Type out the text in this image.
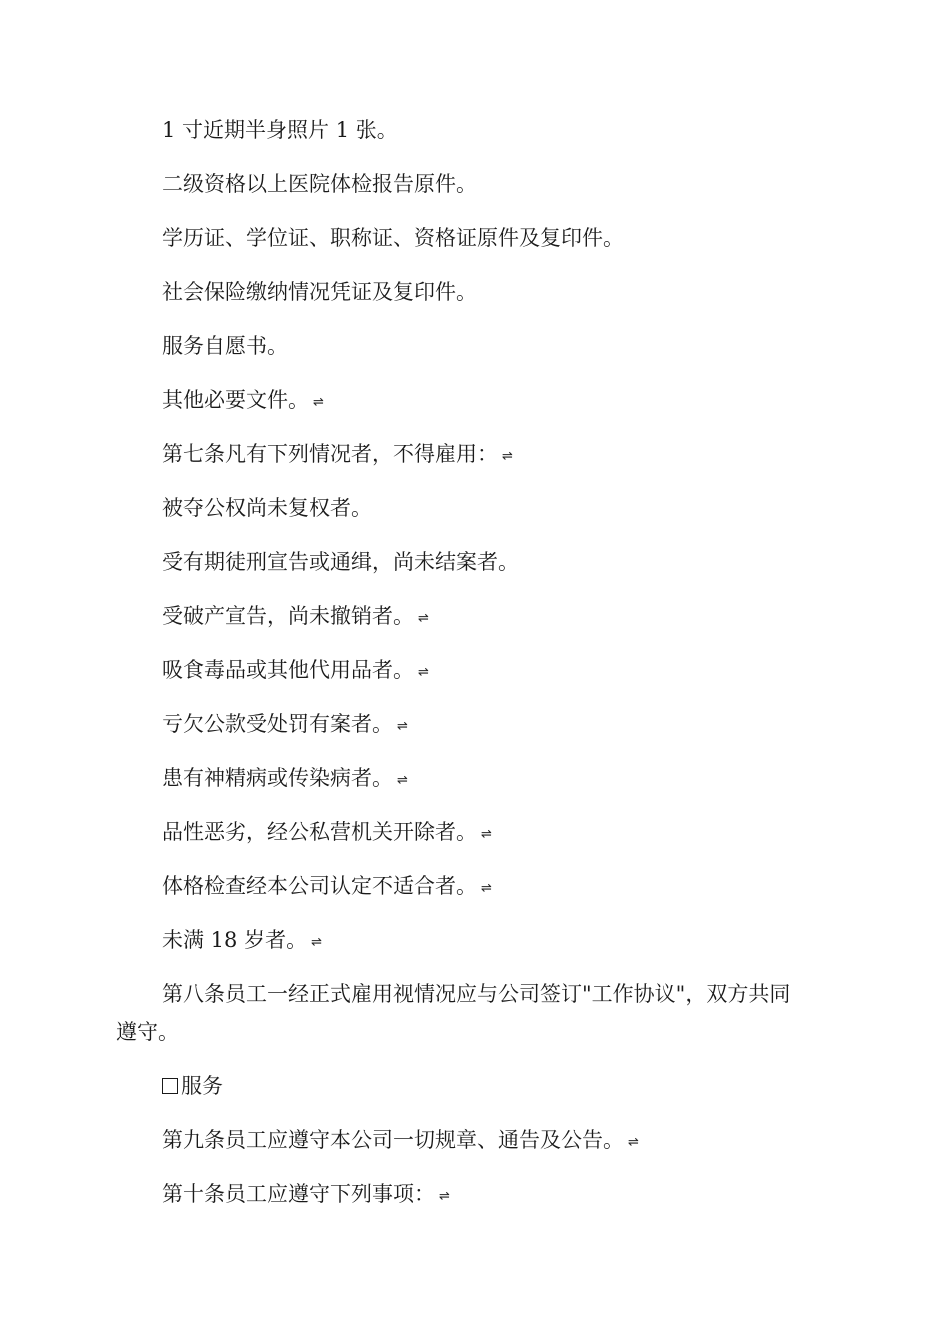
1 寸近期半身照片 1 张。

二级资格以上医院体检报告原件。

学历证、学位证、职称证、资格证原件及复印件。

社会保险缴纳情况凭证及复印件。

服务自愿书。

其他必要文件。 ⇌

第七条凡有下列情况者，不得雇用： ⇌

被夺公权尚未复权者。

受有期徒刑宣告或通缉，尚未结案者。

受破产宣告，尚未撤销者。 ⇌

吸食毒品或其他代用品者。 ⇌

亏欠公款受处罚有案者。 ⇌

患有神精病或传染病者。 ⇌

品性恶劣，经公私营机关开除者。 ⇌

体格检查经本公司认定不适合者。 ⇌

未满 18 岁者。 ⇌

第八条员工一经正式雇用视情况应与公司签订"工作协议"，双方共同

遵守。

服务

第九条员工应遵守本公司一切规章、通告及公告。 ⇌

第十条员工应遵守下列事项： ⇌
